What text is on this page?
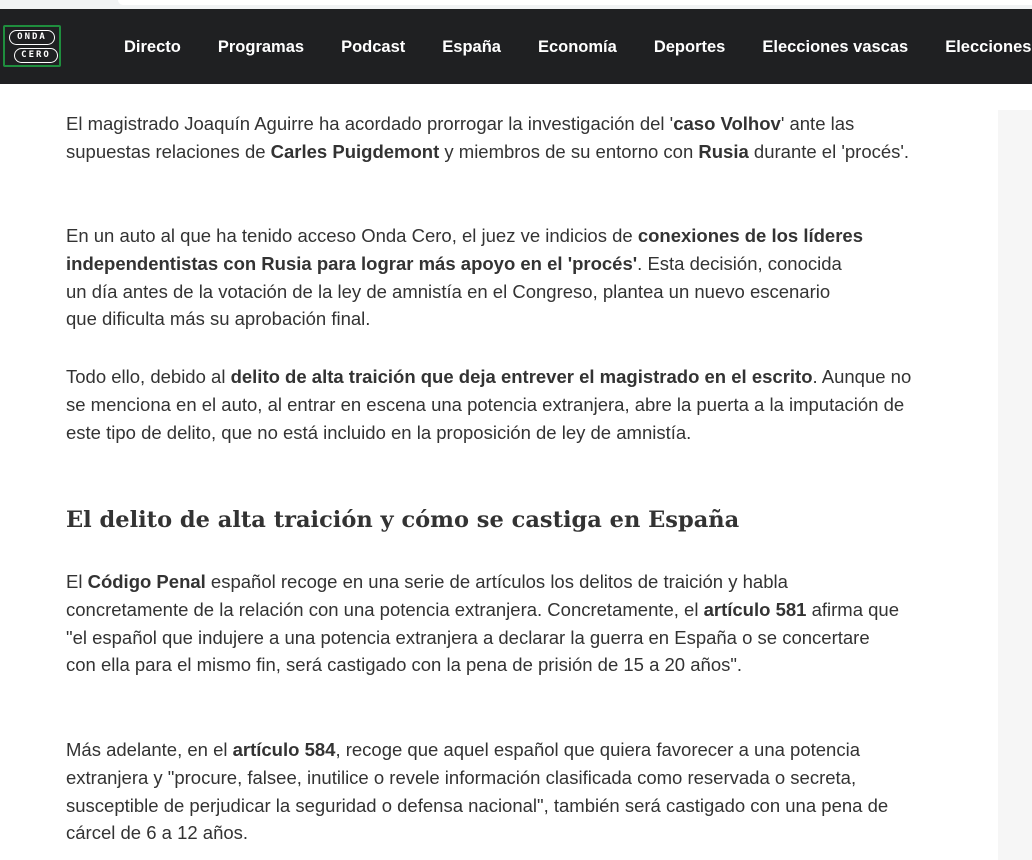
ONDA
CERO	Directo Programas Podcast España Economía Deportes Elecciones vascas Elecciones

El magistrado Joaquín Aguirre ha acordado prorrogar la investigación del 'caso Volhov' ante las supuestas relaciones de Carles Puigdemont y miembros de su entorno con Rusia durante el 'procés'.

En un auto al que ha tenido acceso Onda Cero, el juez ve indicios de conexiones de los líderes independentistas con Rusia para lograr más apoyo en el 'procés'. Esta decisión, conocida un día antes de la votación de la ley de amnistía en el Congreso, plantea un nuevo escenario que dificulta más su aprobación final.

Todo ello, debido al delito de alta traición que deja entrever el magistrado en el escrito. Aunque no se menciona en el auto, al entrar en escena una potencia extranjera, abre la puerta a la imputación de este tipo de delito, que no está incluido en la proposición de ley de amnistía.

El Código Penal español recoge en una serie de artículos los delitos de traición y habla concretamente de la relación con una potencia extranjera. Concretamente, el artículo 581 afirma que "el español que indujere a una potencia extranjera a declarar la guerra en España o se concertare con ella para el mismo fin, será castigado con la pena de prisión de 15 a 20 años".

Más adelante, en el artículo 584, recoge que aquel español que quiera favorecer a una potencia extranjera y "procure, falsee, inutilice o revele información clasificada como reservada o secreta, susceptible de perjudicar la seguridad o defensa nacional", también será castigado con una pena de cárcel de 6 a 12 años.

El delito de alta traición y cómo se castiga en España
